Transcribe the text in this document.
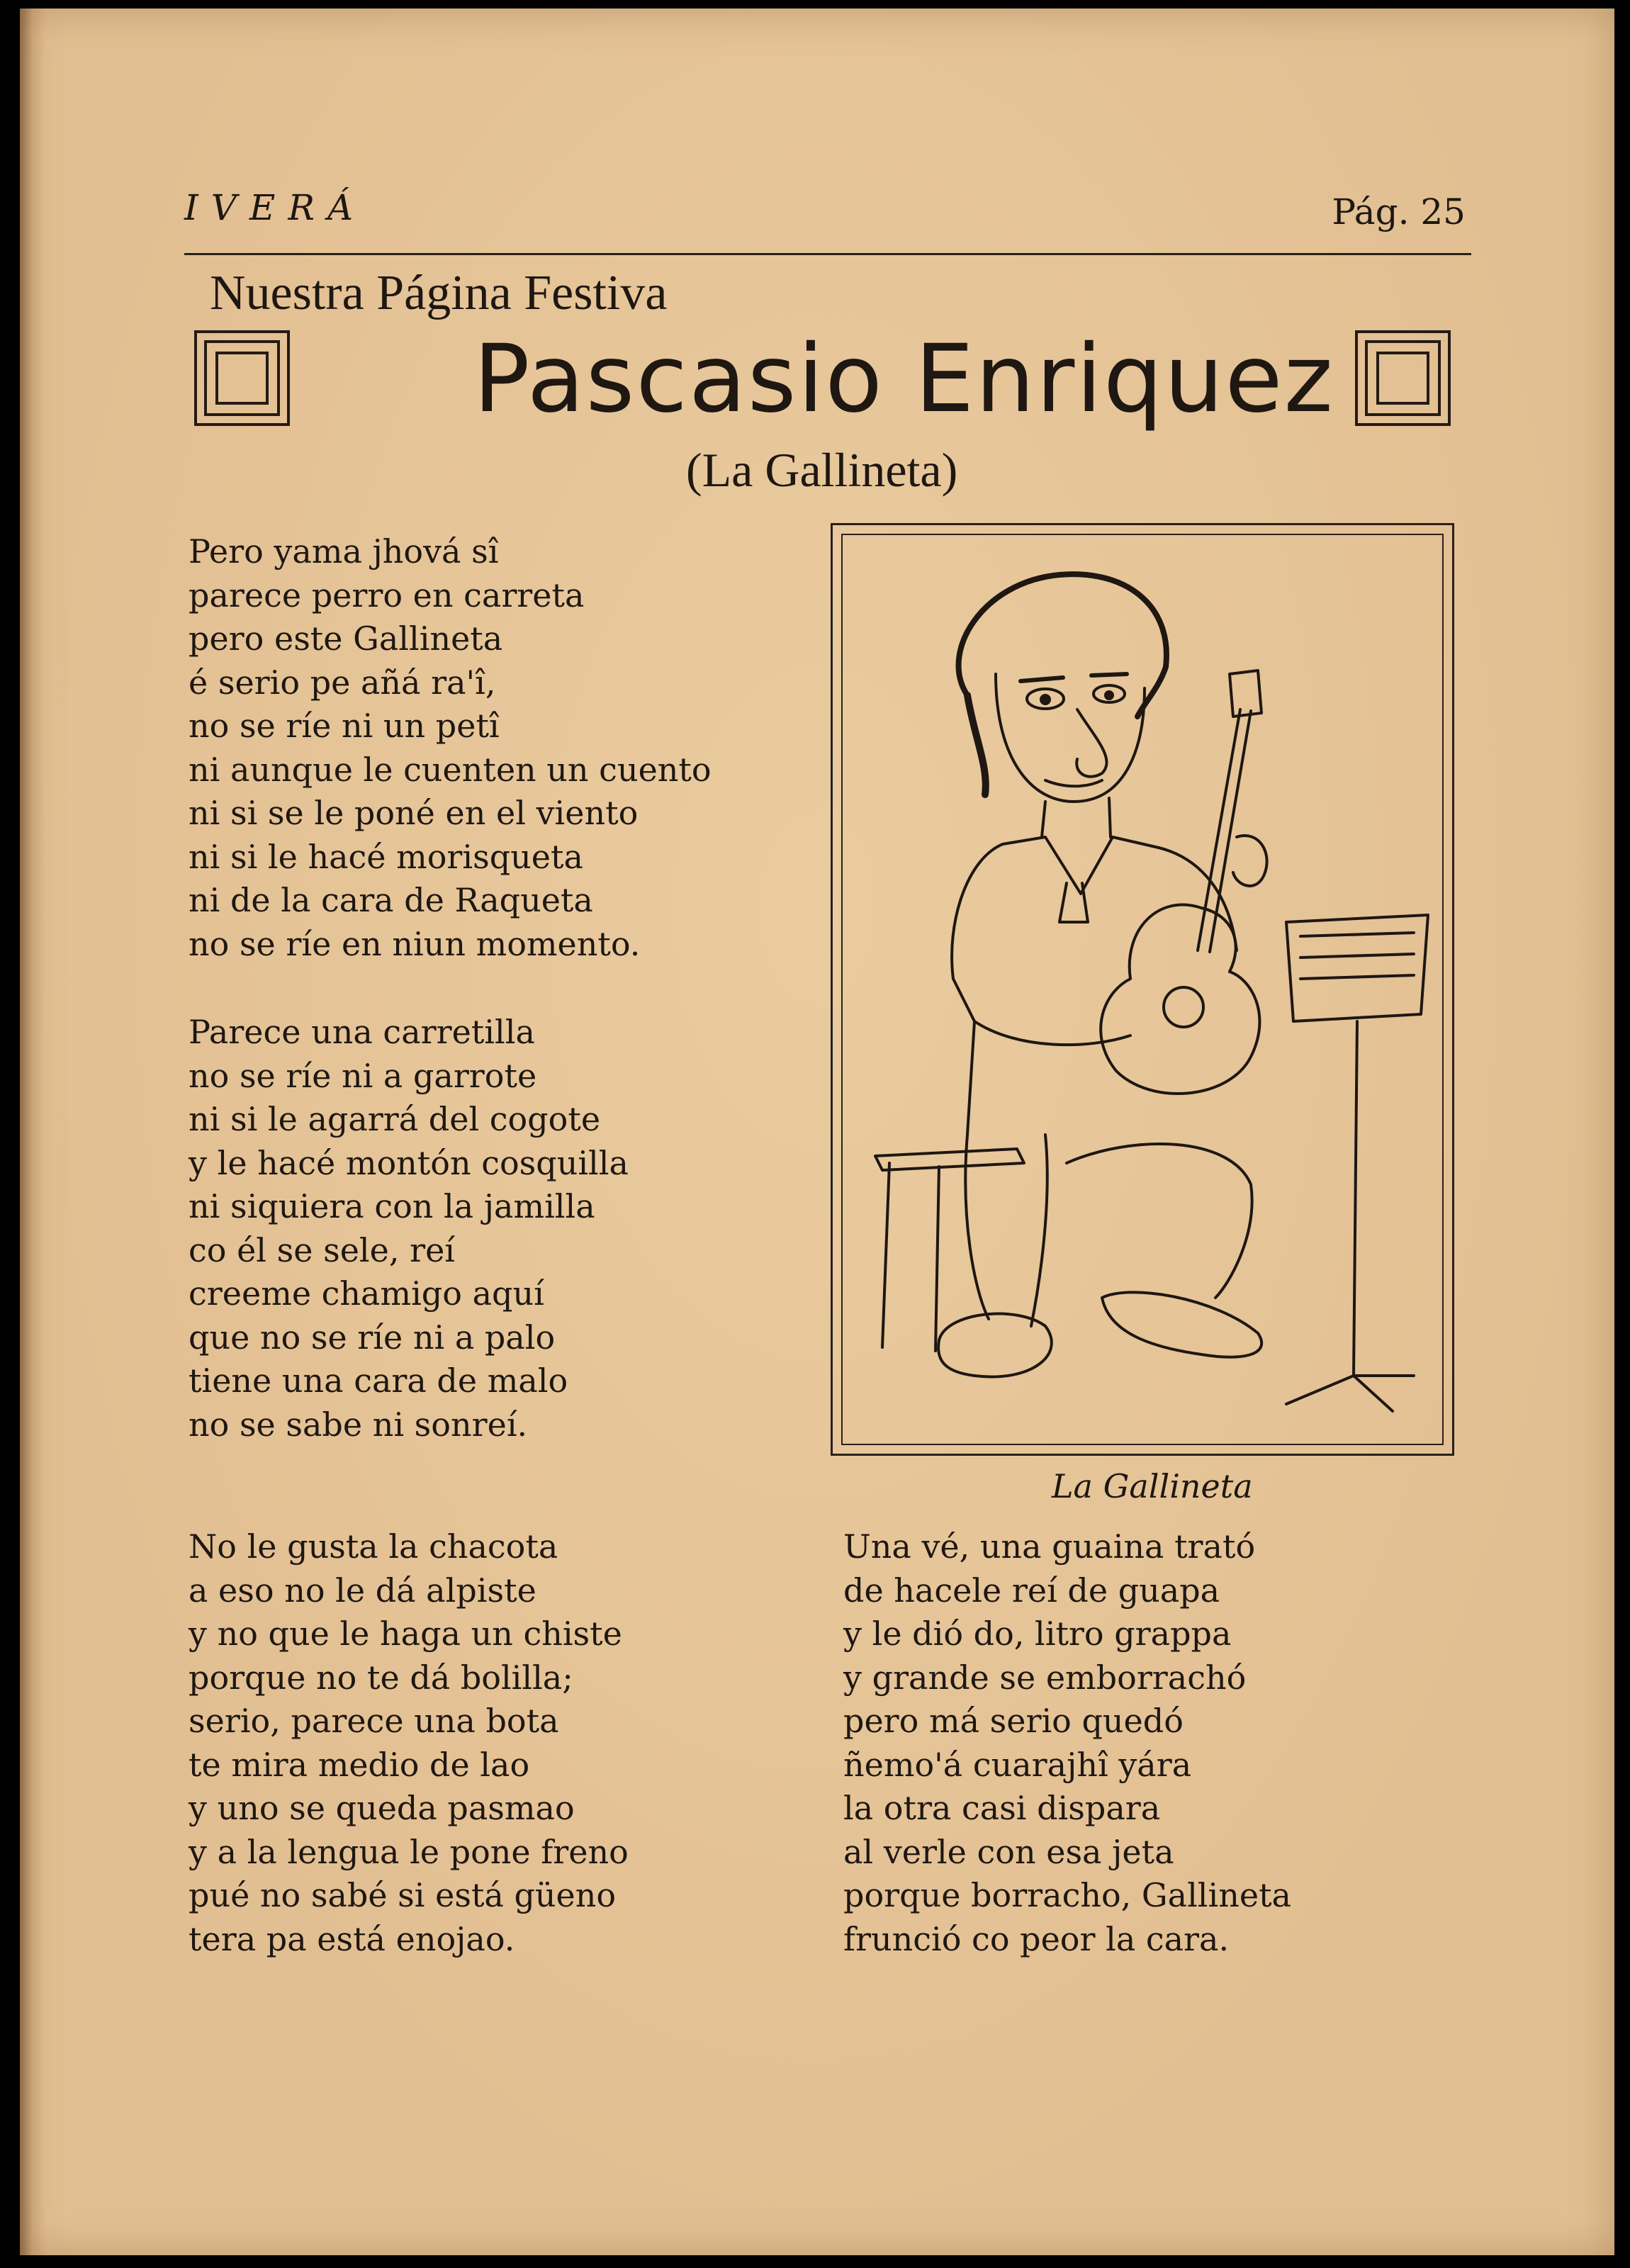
IVERÁ	Pág. 25
Nuestra Página Festiva
Pascasio Enriquez
(La Gallineta)
Pero yama jhová sî
parece perro en carreta
pero este Gallineta
é serio pe añá ra'î,
no se ríe ni un petî
ni aunque le cuenten un cuento
ni si se le poné en el viento
ni si le hacé morisqueta
ni de la cara de Raqueta
no se ríe en niun momento.
Parece una carretilla
no se ríe ni a garrote
ni si le agarrá del cogote
y le hacé montón cosquilla
ni siquiera con la jamilla
co él se sele, reí
creeme chamigo aquí
que no se ríe ni a palo
tiene una cara de malo
no se sabe ni sonreí.
No le gusta la chacota
a eso no le dá alpiste
y no que le haga un chiste
porque no te dá bolilla;
serio, parece una bota
te mira medio de lao
y uno se queda pasmao
y a la lengua le pone freno
pué no sabé si está güeno
tera pa está enojao.
Una vé, una guaina trató
de hacele reí de guapa
y le dió do, litro grappa
y grande se emborrachó
pero má serio quedó
ñemo'á cuarajhî yára
la otra casi dispara
al verle con esa jeta
porque borracho, Gallineta
frunció co peor la cara.
La Gallineta
